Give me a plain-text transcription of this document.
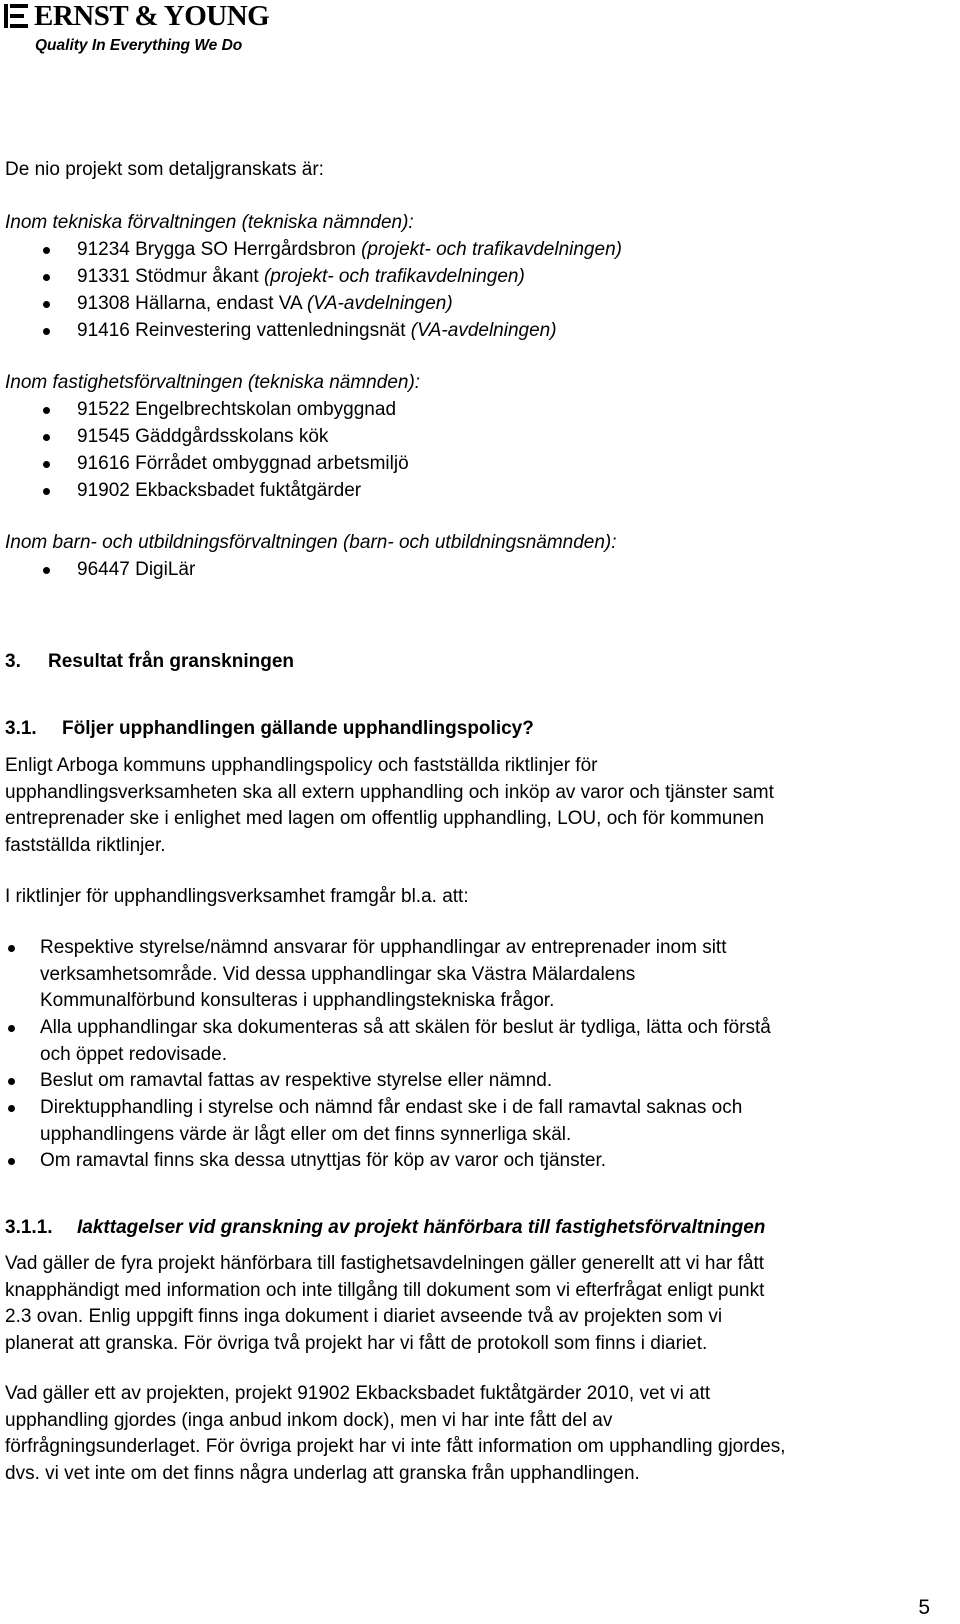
ERNST & YOUNG
Quality In Everything We Do
De nio projekt som detaljgranskats är:
Inom tekniska förvaltningen (tekniska nämnden):
91234 Brygga SO Herrgårdsbron (projekt- och trafikavdelningen)
91331 Stödmur åkant (projekt- och trafikavdelningen)
91308 Hällarna, endast VA (VA-avdelningen)
91416 Reinvestering vattenledningsnät (VA-avdelningen)
Inom fastighetsförvaltningen (tekniska nämnden):
91522 Engelbrechtskolan ombyggnad
91545 Gäddgårdsskolans kök
91616 Förrådet ombyggnad arbetsmiljö
91902 Ekbacksbadet fuktåtgärder
Inom barn- och utbildningsförvaltningen (barn- och utbildningsnämnden):
96447 DigiLär
3. Resultat från granskningen
3.1. Följer upphandlingen gällande upphandlingspolicy?
Enligt Arboga kommuns upphandlingspolicy och fastställda riktlinjer för
upphandlingsverksamheten ska all extern upphandling och inköp av varor och tjänster samt
entreprenader ske i enlighet med lagen om offentlig upphandling, LOU, och för kommunen
fastställda riktlinjer.
I riktlinjer för upphandlingsverksamhet framgår bl.a. att:
Respektive styrelse/nämnd ansvarar för upphandlingar av entreprenader inom sitt
verksamhetsområde. Vid dessa upphandlingar ska Västra Mälardalens
Kommunalförbund konsulteras i upphandlingstekniska frågor.
Alla upphandlingar ska dokumenteras så att skälen för beslut är tydliga, lätta och förstå
och öppet redovisade.
Beslut om ramavtal fattas av respektive styrelse eller nämnd.
Direktupphandling i styrelse och nämnd får endast ske i de fall ramavtal saknas och
upphandlingens värde är lågt eller om det finns synnerliga skäl.
Om ramavtal finns ska dessa utnyttjas för köp av varor och tjänster.
3.1.1. Iakttagelser vid granskning av projekt hänförbara till fastighetsförvaltningen
Vad gäller de fyra projekt hänförbara till fastighetsavdelningen gäller generellt att vi har fått
knapphändigt med information och inte tillgång till dokument som vi efterfrågat enligt punkt
2.3 ovan. Enlig uppgift finns inga dokument i diariet avseende två av projekten som vi
planerat att granska. För övriga två projekt har vi fått de protokoll som finns i diariet.
Vad gäller ett av projekten, projekt 91902 Ekbacksbadet fuktåtgärder 2010, vet vi att
upphandling gjordes (inga anbud inkom dock), men vi har inte fått del av
förfrågningsunderlaget. För övriga projekt har vi inte fått information om upphandling gjordes,
dvs. vi vet inte om det finns några underlag att granska från upphandlingen.
5
